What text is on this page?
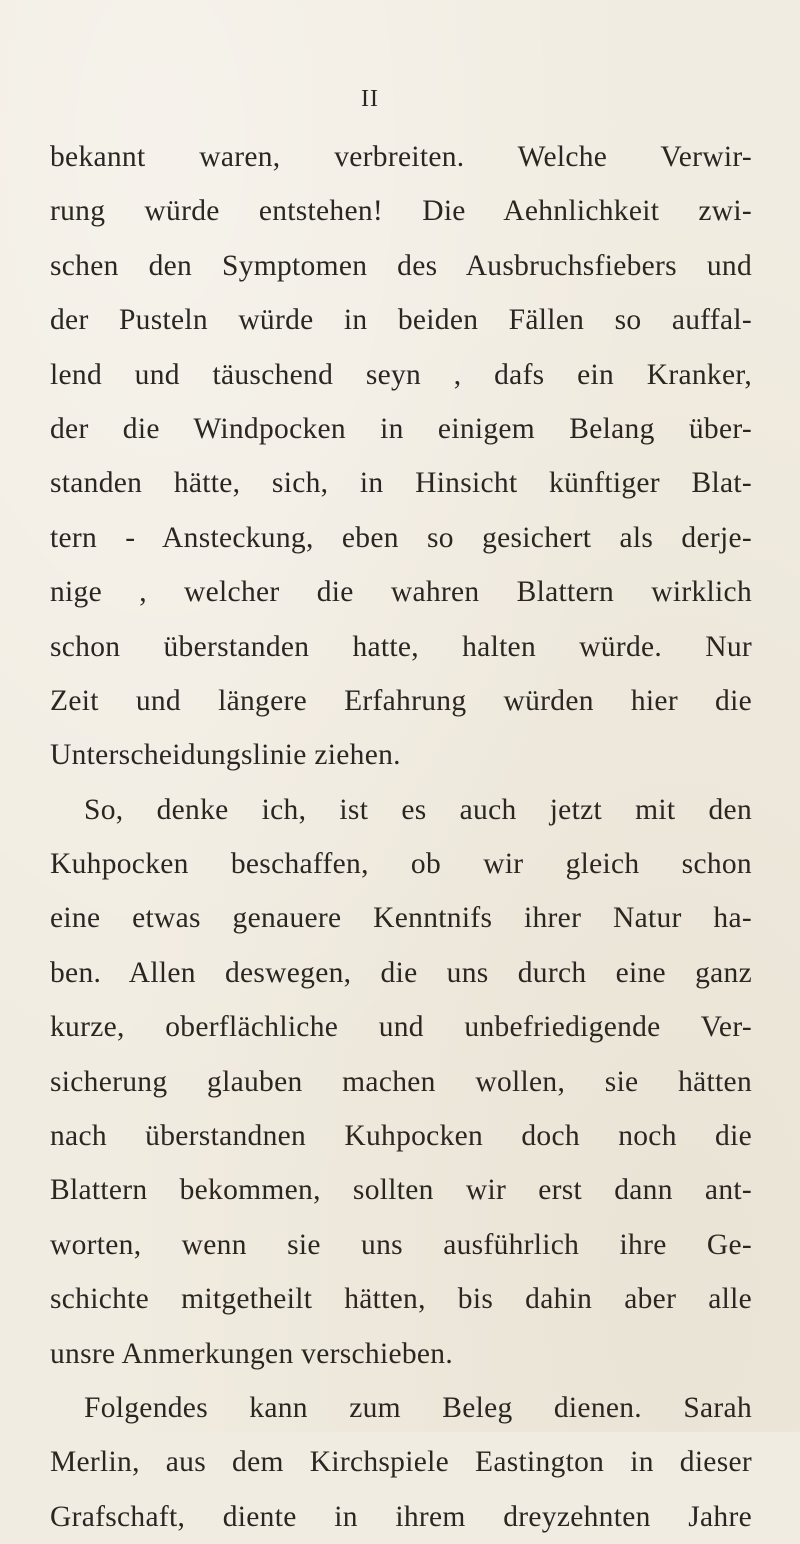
II
bekannt waren, verbreiten. Welche Verwir-
rung würde entstehen! Die Aehnlichkeit zwi-
schen den Symptomen des Ausbruchsfiebers und
der Pusteln würde in beiden Fällen so auffal-
lend und täuschend seyn , dafs ein Kranker,
der die Windpocken in einigem Belang über-
standen hätte, sich, in Hinsicht künftiger Blat-
tern - Ansteckung, eben so gesichert als derje-
nige , welcher die wahren Blattern wirklich
schon überstanden hatte, halten würde. Nur
Zeit und längere Erfahrung würden hier die
Unterscheidungslinie ziehen.
So, denke ich, ist es auch jetzt mit den
Kuhpocken beschaffen, ob wir gleich schon
eine etwas genauere Kenntnifs ihrer Natur ha-
ben. Allen deswegen, die uns durch eine ganz
kurze, oberflächliche und unbefriedigende Ver-
sicherung glauben machen wollen, sie hätten
nach überstandnen Kuhpocken doch noch die
Blattern bekommen, sollten wir erst dann ant-
worten, wenn sie uns ausführlich ihre Ge-
schichte mitgetheilt hätten, bis dahin aber alle
unsre Anmerkungen verschieben.
Folgendes kann zum Beleg dienen. Sarah
Merlin, aus dem Kirchspiele Eastington in dieser
Grafschaft, diente in ihrem dreyzehnten Jahre
